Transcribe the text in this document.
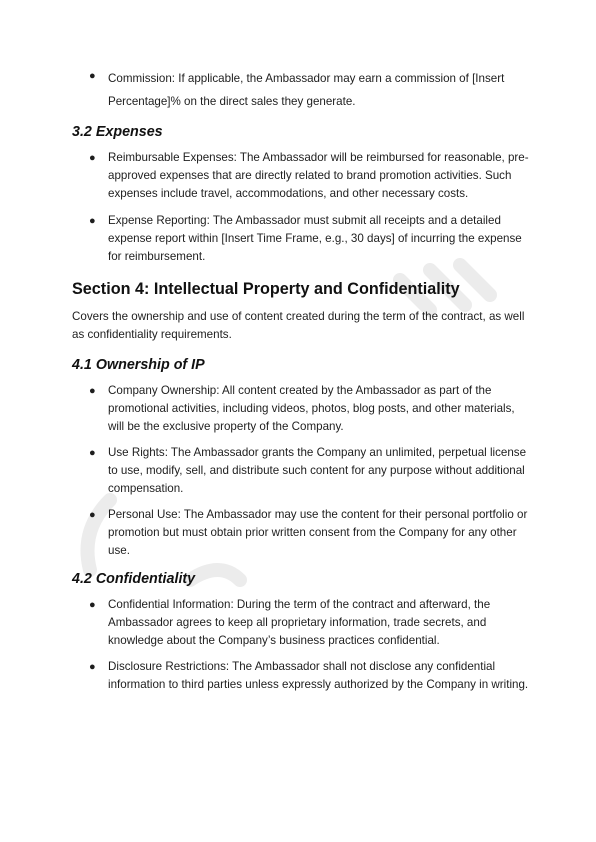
● Commission: If applicable, the Ambassador may earn a commission of [Insert Percentage]% on the direct sales they generate.
3.2 Expenses
● Reimbursable Expenses: The Ambassador will be reimbursed for reasonable, pre-approved expenses that are directly related to brand promotion activities. Such expenses include travel, accommodations, and other necessary costs.
● Expense Reporting: The Ambassador must submit all receipts and a detailed expense report within [Insert Time Frame, e.g., 30 days] of incurring the expense for reimbursement.
Section 4: Intellectual Property and Confidentiality

Covers the ownership and use of content created during the term of the contract, as well as confidentiality requirements.

4.1 Ownership of IP
● Company Ownership: All content created by the Ambassador as part of the promotional activities, including videos, photos, blog posts, and other materials, will be the exclusive property of the Company.
● Use Rights: The Ambassador grants the Company an unlimited, perpetual license to use, modify, sell, and distribute such content for any purpose without additional compensation.
● Personal Use: The Ambassador may use the content for their personal portfolio or promotion but must obtain prior written consent from the Company for any other use.
4.2 Confidentiality
● Confidential Information: During the term of the contract and afterward, the Ambassador agrees to keep all proprietary information, trade secrets, and knowledge about the Company’s business practices confidential.
● Disclosure Restrictions: The Ambassador shall not disclose any confidential information to third parties unless expressly authorized by the Company in writing.
